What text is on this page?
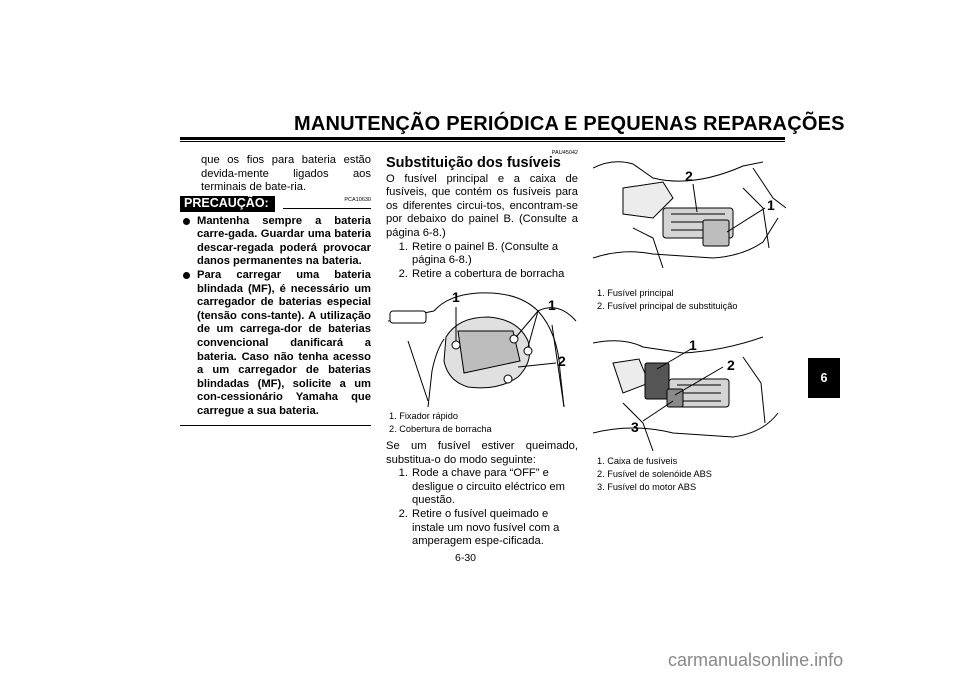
MANUTENÇÃO PERIÓDICA E PEQUENAS REPARAÇÕES

que os fios para bateria estão devida-mente ligados aos terminais de bate-ria.

PCA10630
PRECAUÇÃO:
Mantenha sempre a bateria carre-gada. Guardar uma bateria descar-regada poderá provocar danos permanentes na bateria.
Para carregar uma bateria blindada (MF), é necessário um carregador de baterias especial (tensão cons-tante). A utilização de um carrega-dor de baterias convencional danificará a bateria. Caso não tenha acesso a um carregador de baterias blindadas (MF), solicite a um con-cessionário Yamaha que carregue a sua bateria.
PAU45042
Substituição dos fusíveis

O fusível principal e a caixa de fusíveis, que contém os fusíveis para os diferentes circui-tos, encontram-se por debaixo do painel B. (Consulte a página 6-8.)

1. Retire o painel B. (Consulte a página 6-8.)
2. Retire a cobertura de borracha
1	1
2
1. Fixador rápido
2. Cobertura de borracha

Se um fusível estiver queimado, substitua-o do modo seguinte:

1. Rode a chave para “OFF” e desligue o circuito eléctrico em questão.
2. Retire o fusível queimado e instale um novo fusível com a amperagem espe-cificada.
2
1
1. Fusível principal
2. Fusível principal de substituição
1
2
3
1. Caixa de fusíveis
2. Fusível de solenóide ABS
3. Fusível do motor ABS
6
6-30
carmanualsonline.info
